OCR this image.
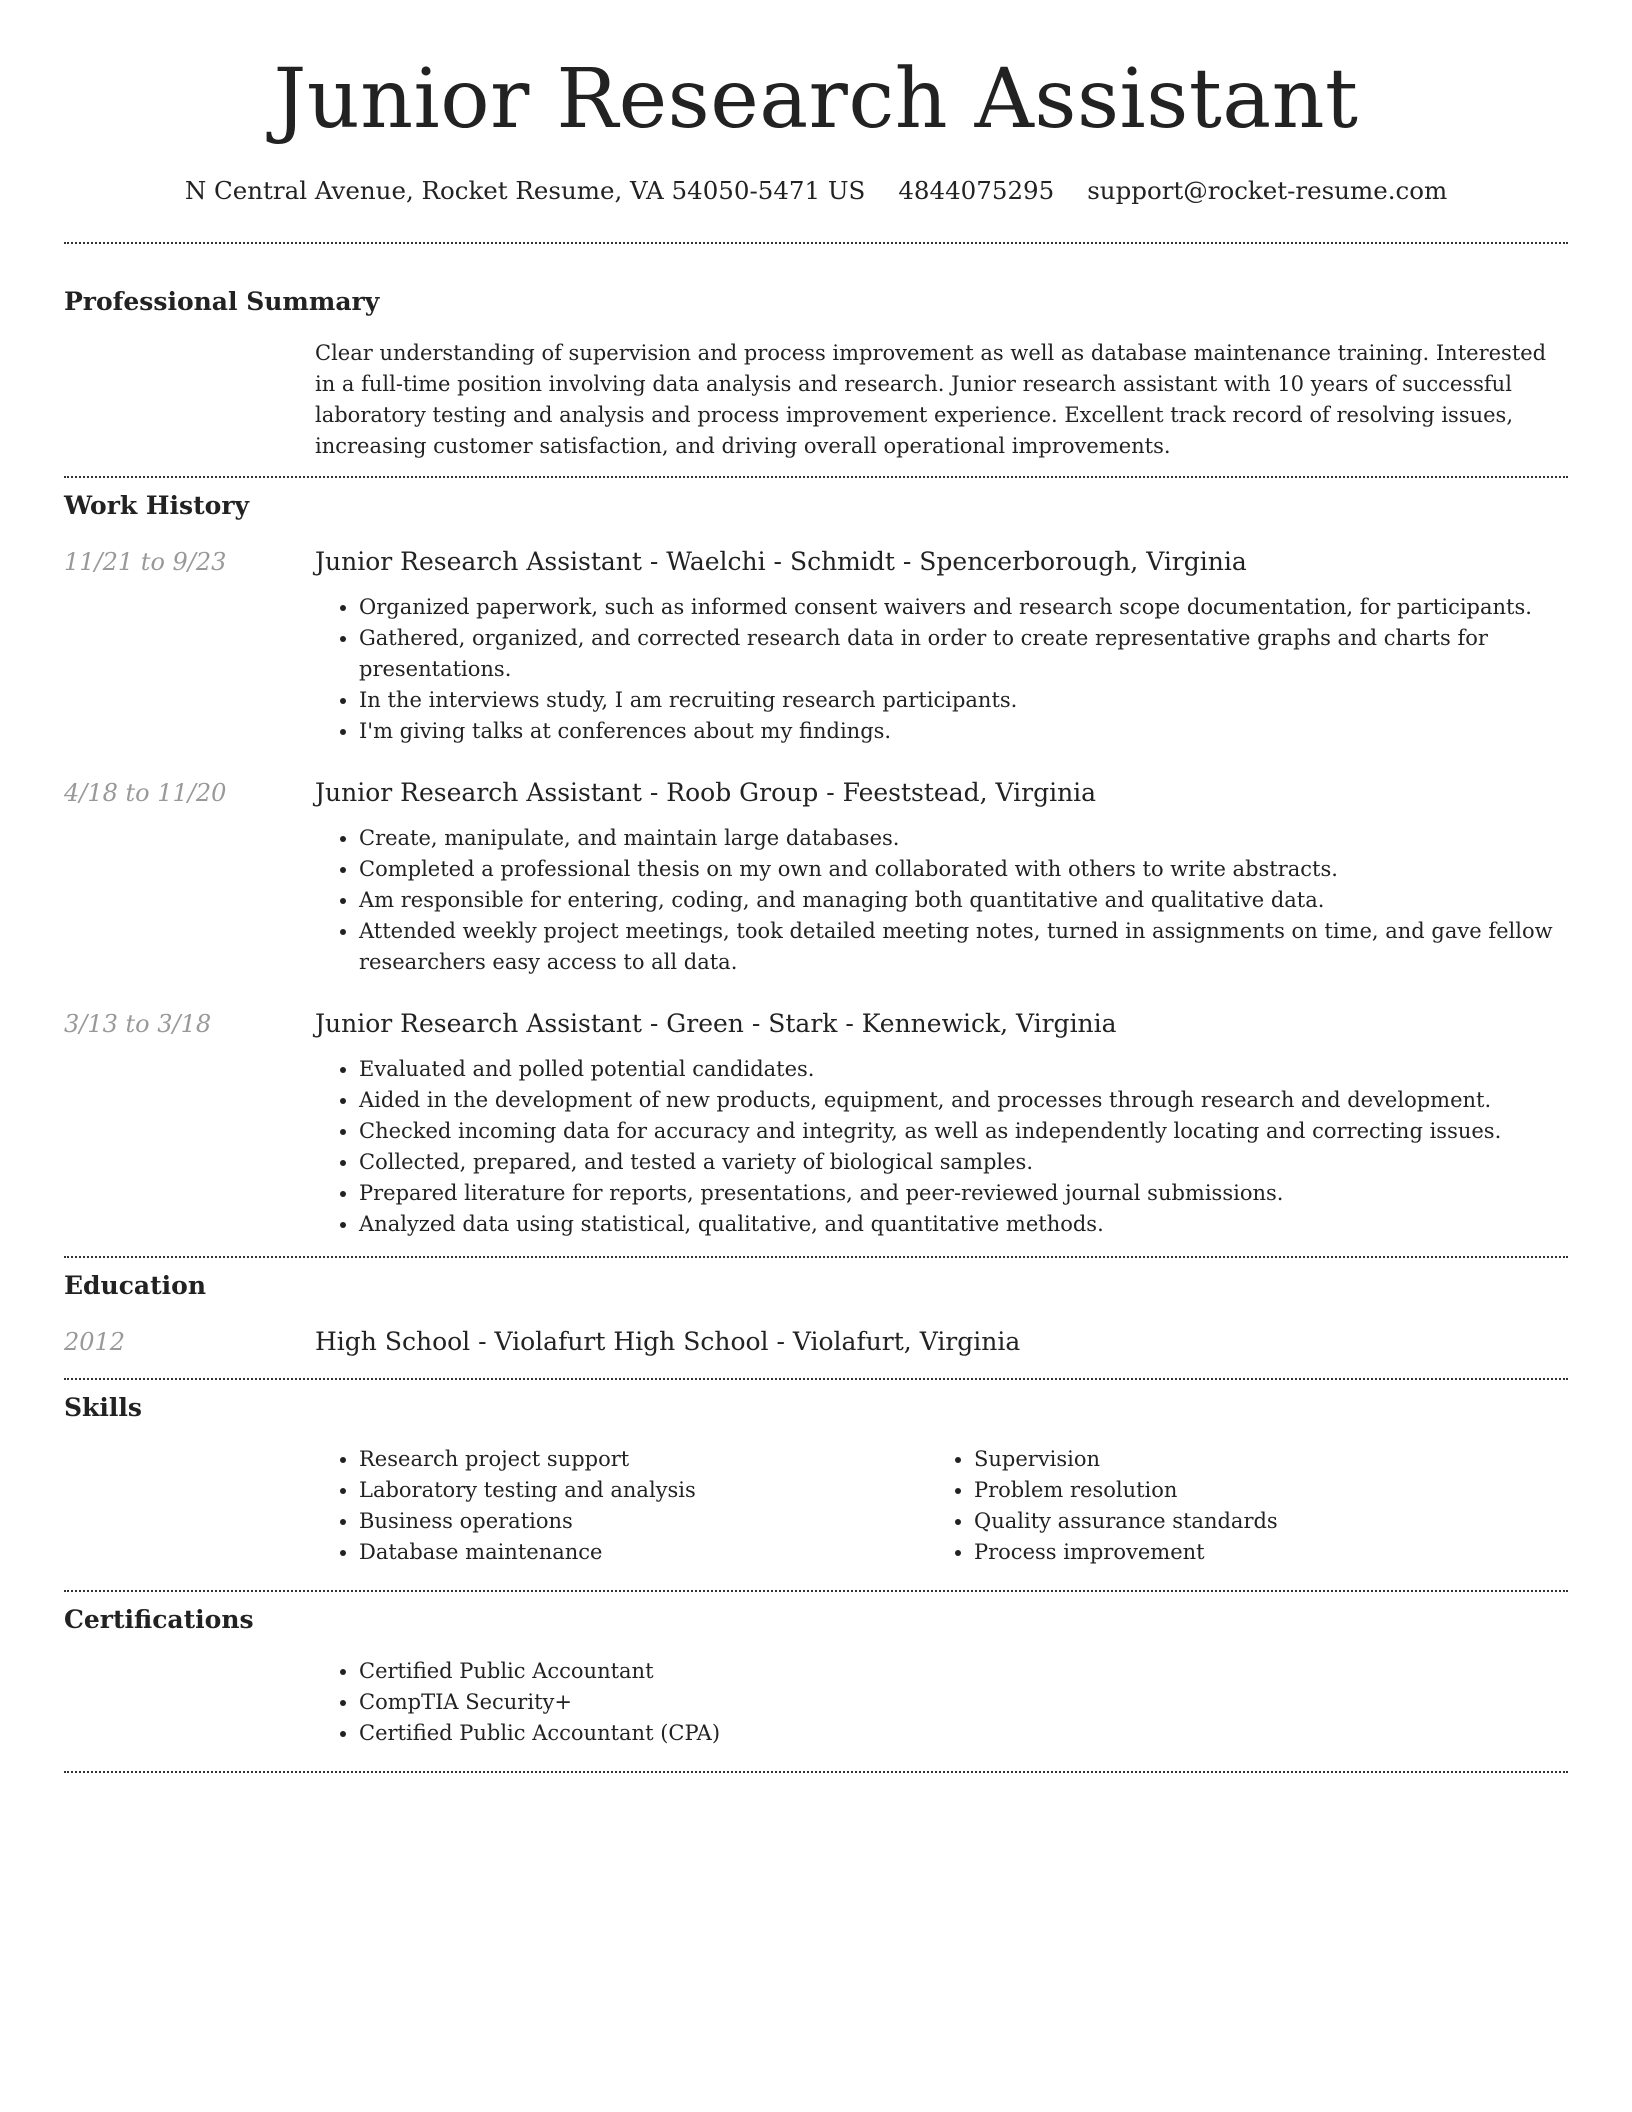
Junior Research Assistant
N Central Avenue, Rocket Resume, VA 54050-5471 US 4844075295 support@rocket-resume.com
Professional Summary

Clear understanding of supervision and process improvement as well as database maintenance training. Interested in a full-time position involving data analysis and research. Junior research assistant with 10 years of successful laboratory testing and analysis and process improvement experience. Excellent track record of resolving issues, increasing customer satisfaction, and driving overall operational improvements.

Work History
11/21 to 9/23	Junior Research Assistant - Waelchi - Schmidt - Spencerborough, Virginia
• Organized paperwork, such as informed consent waivers and research scope documentation, for participants.
• Gathered, organized, and corrected research data in order to create representative graphs and charts for presentations.
• In the interviews study, I am recruiting research participants.
• I'm giving talks at conferences about my findings.
4/18 to 11/20	Junior Research Assistant - Roob Group - Feeststead, Virginia
• Create, manipulate, and maintain large databases.
• Completed a professional thesis on my own and collaborated with others to write abstracts.
• Am responsible for entering, coding, and managing both quantitative and qualitative data.
• Attended weekly project meetings, took detailed meeting notes, turned in assignments on time, and gave fellow researchers easy access to all data.
3/13 to 3/18	Junior Research Assistant - Green - Stark - Kennewick, Virginia
• Evaluated and polled potential candidates.
• Aided in the development of new products, equipment, and processes through research and development.
• Checked incoming data for accuracy and integrity, as well as independently locating and correcting issues.
• Collected, prepared, and tested a variety of biological samples.
• Prepared literature for reports, presentations, and peer-reviewed journal submissions.
• Analyzed data using statistical, qualitative, and quantitative methods.
Education
2012	High School - Violafurt High School - Violafurt, Virginia
Skills
• Research project support
• Laboratory testing and analysis
• Business operations
• Database maintenance
• Supervision
• Problem resolution
• Quality assurance standards
• Process improvement
Certifications
• Certified Public Accountant
• CompTIA Security+
• Certified Public Accountant (CPA)
